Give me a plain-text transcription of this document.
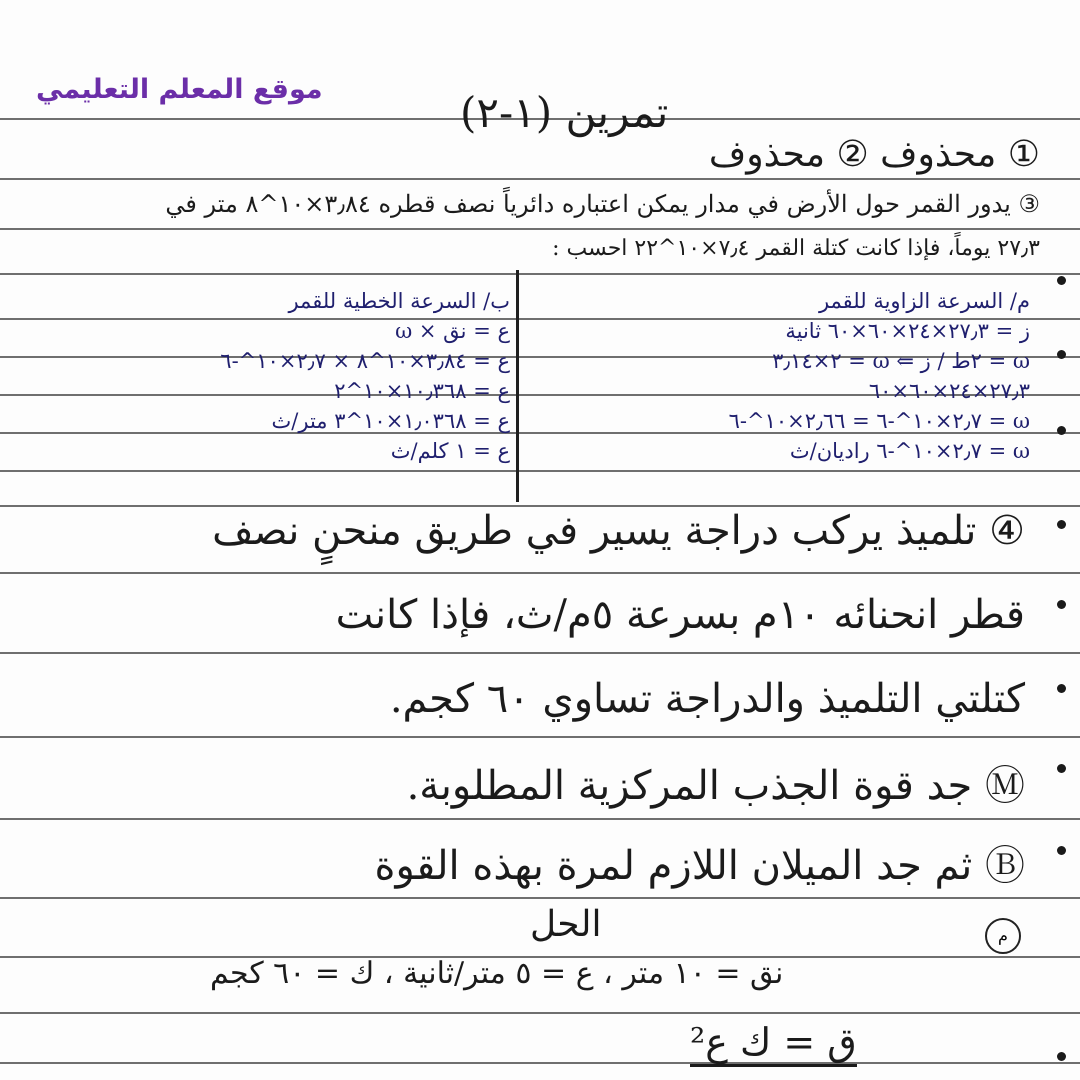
موقع المعلم التعليمي	تمرين (١-٢)
① محذوف ② محذوف
③ يدور القمر حول الأرض في مدار يمكن اعتباره دائرياً نصف قطره ٣٫٨٤×١٠^٨ متر في
٢٧٫٣ يوماً، فإذا كانت كتلة القمر ٧٫٤×١٠^٢٢ احسب :
م/ السرعة الزاوية للقمر
ز = ٢٧٫٣×٢٤×٦٠×٦٠ ثانية
ω = ٢ط / ز ⇐ ω = ٢×٣٫١٤
٢٧٫٣×٢٤×٦٠×٦٠
ω = ٢٫٧×١٠^-٦ = ٢٫٦٦×١٠^-٦
ω = ٢٫٧×١٠^-٦ راديان/ث
ب/ السرعة الخطية للقمر
ع = نق × ω
ع = ٣٫٨٤×١٠^٨ × ٢٫٧×١٠^-٦
ع = ١٠٫٣٦٨×١٠^٢
ع = ١٫٠٣٦٨×١٠^٣ متر/ث
ع = ١ كلم/ث
④ تلميذ يركب دراجة يسير في طريق منحنٍ نصف
قطر انحنائه ١٠م بسرعة ٥م/ث، فإذا كانت
كتلتي التلميذ والدراجة تساوي ٦٠ كجم.
Ⓜ جد قوة الجذب المركزية المطلوبة.
Ⓑ ثم جد الميلان اللازم لمرة بهذه القوة
الحل	م
نق = ١٠ متر ، ع = ٥ متر/ثانية ، ك = ٦٠ كجم
ق = ك ع²
